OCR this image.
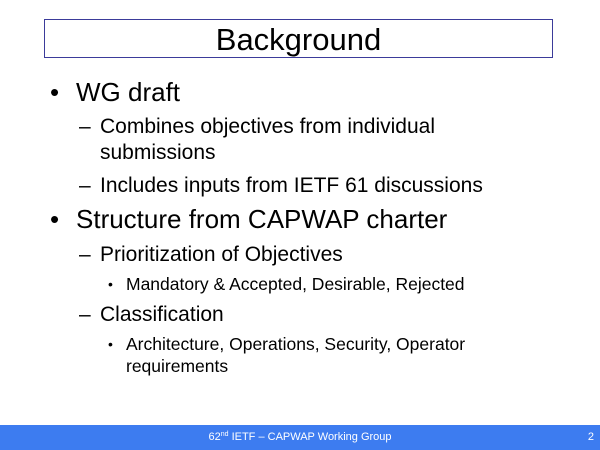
Background
• WG draft
– Combines objectives from individual
submissions
– Includes inputs from IETF 61 discussions
• Structure from CAPWAP charter
– Prioritization of Objectives
• Mandatory & Accepted, Desirable, Rejected
– Classification
• Architecture, Operations, Security, Operator
requirements
62nd IETF – CAPWAP Working Group	2
